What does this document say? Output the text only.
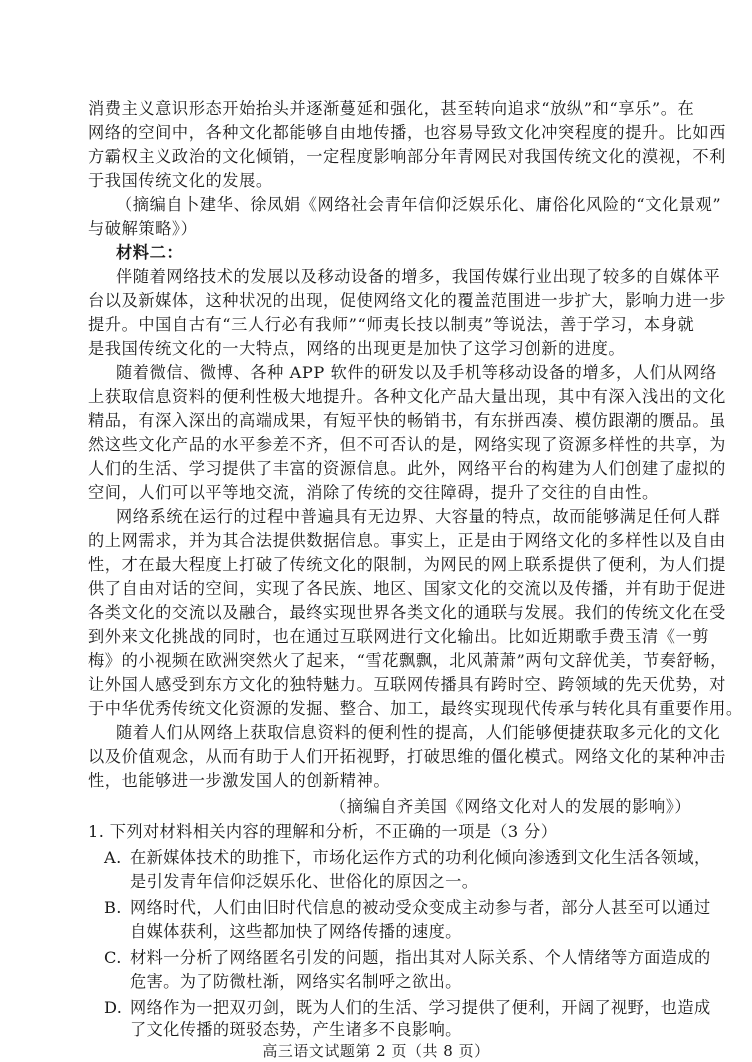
消费主义意识形态开始抬头并逐渐蔓延和强化，甚至转向追求“放纵”和“享乐”。在
网络的空间中，各种文化都能够自由地传播，也容易导致文化冲突程度的提升。比如西
方霸权主义政治的文化倾销，一定程度影响部分年青网民对我国传统文化的漠视，不利
于我国传统文化的发展。
（摘编自卜建华、徐凤娟《网络社会青年信仰泛娱乐化、庸俗化风险的“文化景观”
与破解策略》）
材料二：
伴随着网络技术的发展以及移动设备的增多，我国传媒行业出现了较多的自媒体平
台以及新媒体，这种状况的出现，促使网络文化的覆盖范围进一步扩大，影响力进一步
提升。中国自古有“三人行必有我师”“师夷长技以制夷”等说法，善于学习，本身就
是我国传统文化的一大特点，网络的出现更是加快了这学习创新的进度。
随着微信、微博、各种 APP 软件的研发以及手机等移动设备的增多，人们从网络
上获取信息资料的便利性极大地提升。各种文化产品大量出现，其中有深入浅出的文化
精品，有深入深出的高端成果，有短平快的畅销书，有东拼西凑、模仿跟潮的赝品。虽
然这些文化产品的水平参差不齐，但不可否认的是，网络实现了资源多样性的共享，为
人们的生活、学习提供了丰富的资源信息。此外，网络平台的构建为人们创建了虚拟的
空间，人们可以平等地交流，消除了传统的交往障碍，提升了交往的自由性。
网络系统在运行的过程中普遍具有无边界、大容量的特点，故而能够满足任何人群
的上网需求，并为其合法提供数据信息。事实上，正是由于网络文化的多样性以及自由
性，才在最大程度上打破了传统文化的限制，为网民的网上联系提供了便利，为人们提
供了自由对话的空间，实现了各民族、地区、国家文化的交流以及传播，并有助于促进
各类文化的交流以及融合，最终实现世界各类文化的通联与发展。我们的传统文化在受
到外来文化挑战的同时，也在通过互联网进行文化输出。比如近期歌手费玉清《一剪
梅》的小视频在欧洲突然火了起来，“雪花飘飘，北风萧萧”两句文辞优美，节奏舒畅，
让外国人感受到东方文化的独特魅力。互联网传播具有跨时空、跨领域的先天优势，对
于中华优秀传统文化资源的发掘、整合、加工，最终实现现代传承与转化具有重要作用。
随着人们从网络上获取信息资料的便利性的提高，人们能够便捷获取多元化的文化
以及价值观念，从而有助于人们开拓视野，打破思维的僵化模式。网络文化的某种冲击
性，也能够进一步激发国人的创新精神。
（摘编自齐美国《网络文化对人的发展的影响》）
1. 下列对材料相关内容的理解和分析，不正确的一项是（3 分）
A. 在新媒体技术的助推下，市场化运作方式的功利化倾向渗透到文化生活各领域，
是引发青年信仰泛娱乐化、世俗化的原因之一。
B. 网络时代，人们由旧时代信息的被动受众变成主动参与者，部分人甚至可以通过
自媒体获利，这些都加快了网络传播的速度。
C. 材料一分析了网络匿名引发的问题，指出其对人际关系、个人情绪等方面造成的
危害。为了防微杜渐，网络实名制呼之欲出。
D. 网络作为一把双刃剑，既为人们的生活、学习提供了便利，开阔了视野，也造成
了文化传播的斑驳态势，产生诸多不良影响。
高三语文试题第 2 页（共 8 页）
